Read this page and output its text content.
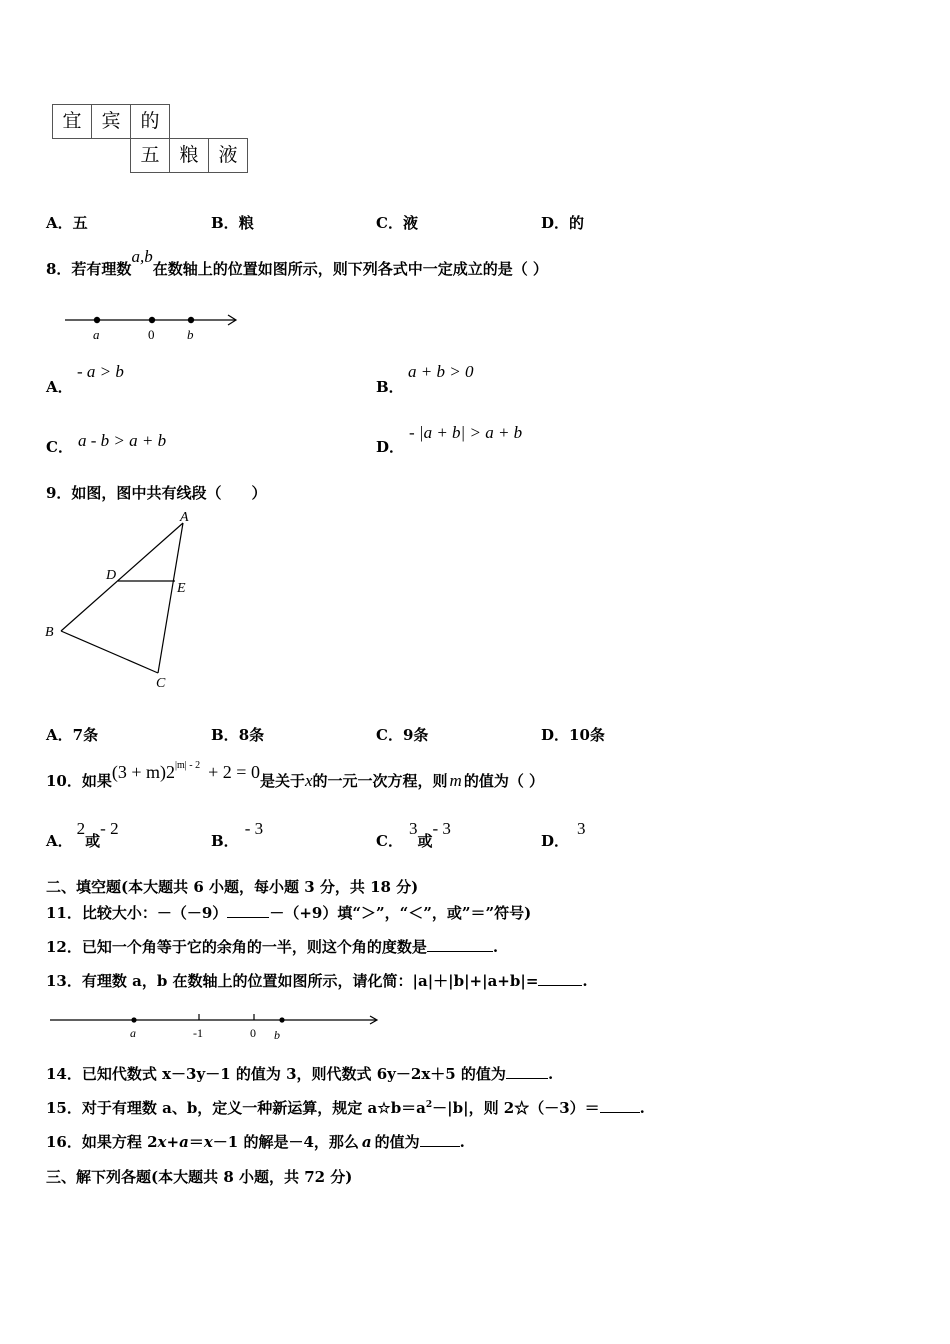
宜	宾	的
五	粮	液
A．五	B．粮	C．液	D．的
8．若有理数a,b在数轴上的位置如图所示，则下列各式中一定成立的是（ ）
a	0	b
A．
- a > b
B．
a + b > 0
C． a - b > a + b	D．
- |a + b| > a + b
9．如图，图中共有线段（　　）
A
D
E
B
C
A．7条	B．8条	C．9条	D．10条
10．如果$(3 + m)2^{|m| - 2} + 2 = 0$是关于x的一元一次方程，则 m 的值为（ ）
A．2或- 2
B．- 3
C．3或- 3
D．3
二、填空题(本大题共 6 小题，每小题 3 分，共 18 分)
11．比较大小：－（－9）	－（+9）填“＞”，“＜”，或”＝”符号)
12．已知一个角等于它的余角的一半，则这个角的度数是	.
13．有理数 a，b 在数轴上的位置如图所示，请化简：|a|＋|b|+|a+b|=	.
a	-1	0 b
14．已知代数式 x－3y－1 的值为 3，则代数式 6y－2x＋5 的值为	.
15．对于有理数 a、b，定义一种新运算，规定 $a☆b=a^2-|b|$，则 2☆（－3）＝	.
16．如果方程 2x+a＝x－1 的解是－4，那么 a 的值为	.
三、解下列各题(本大题共 8 小题，共 72 分)
